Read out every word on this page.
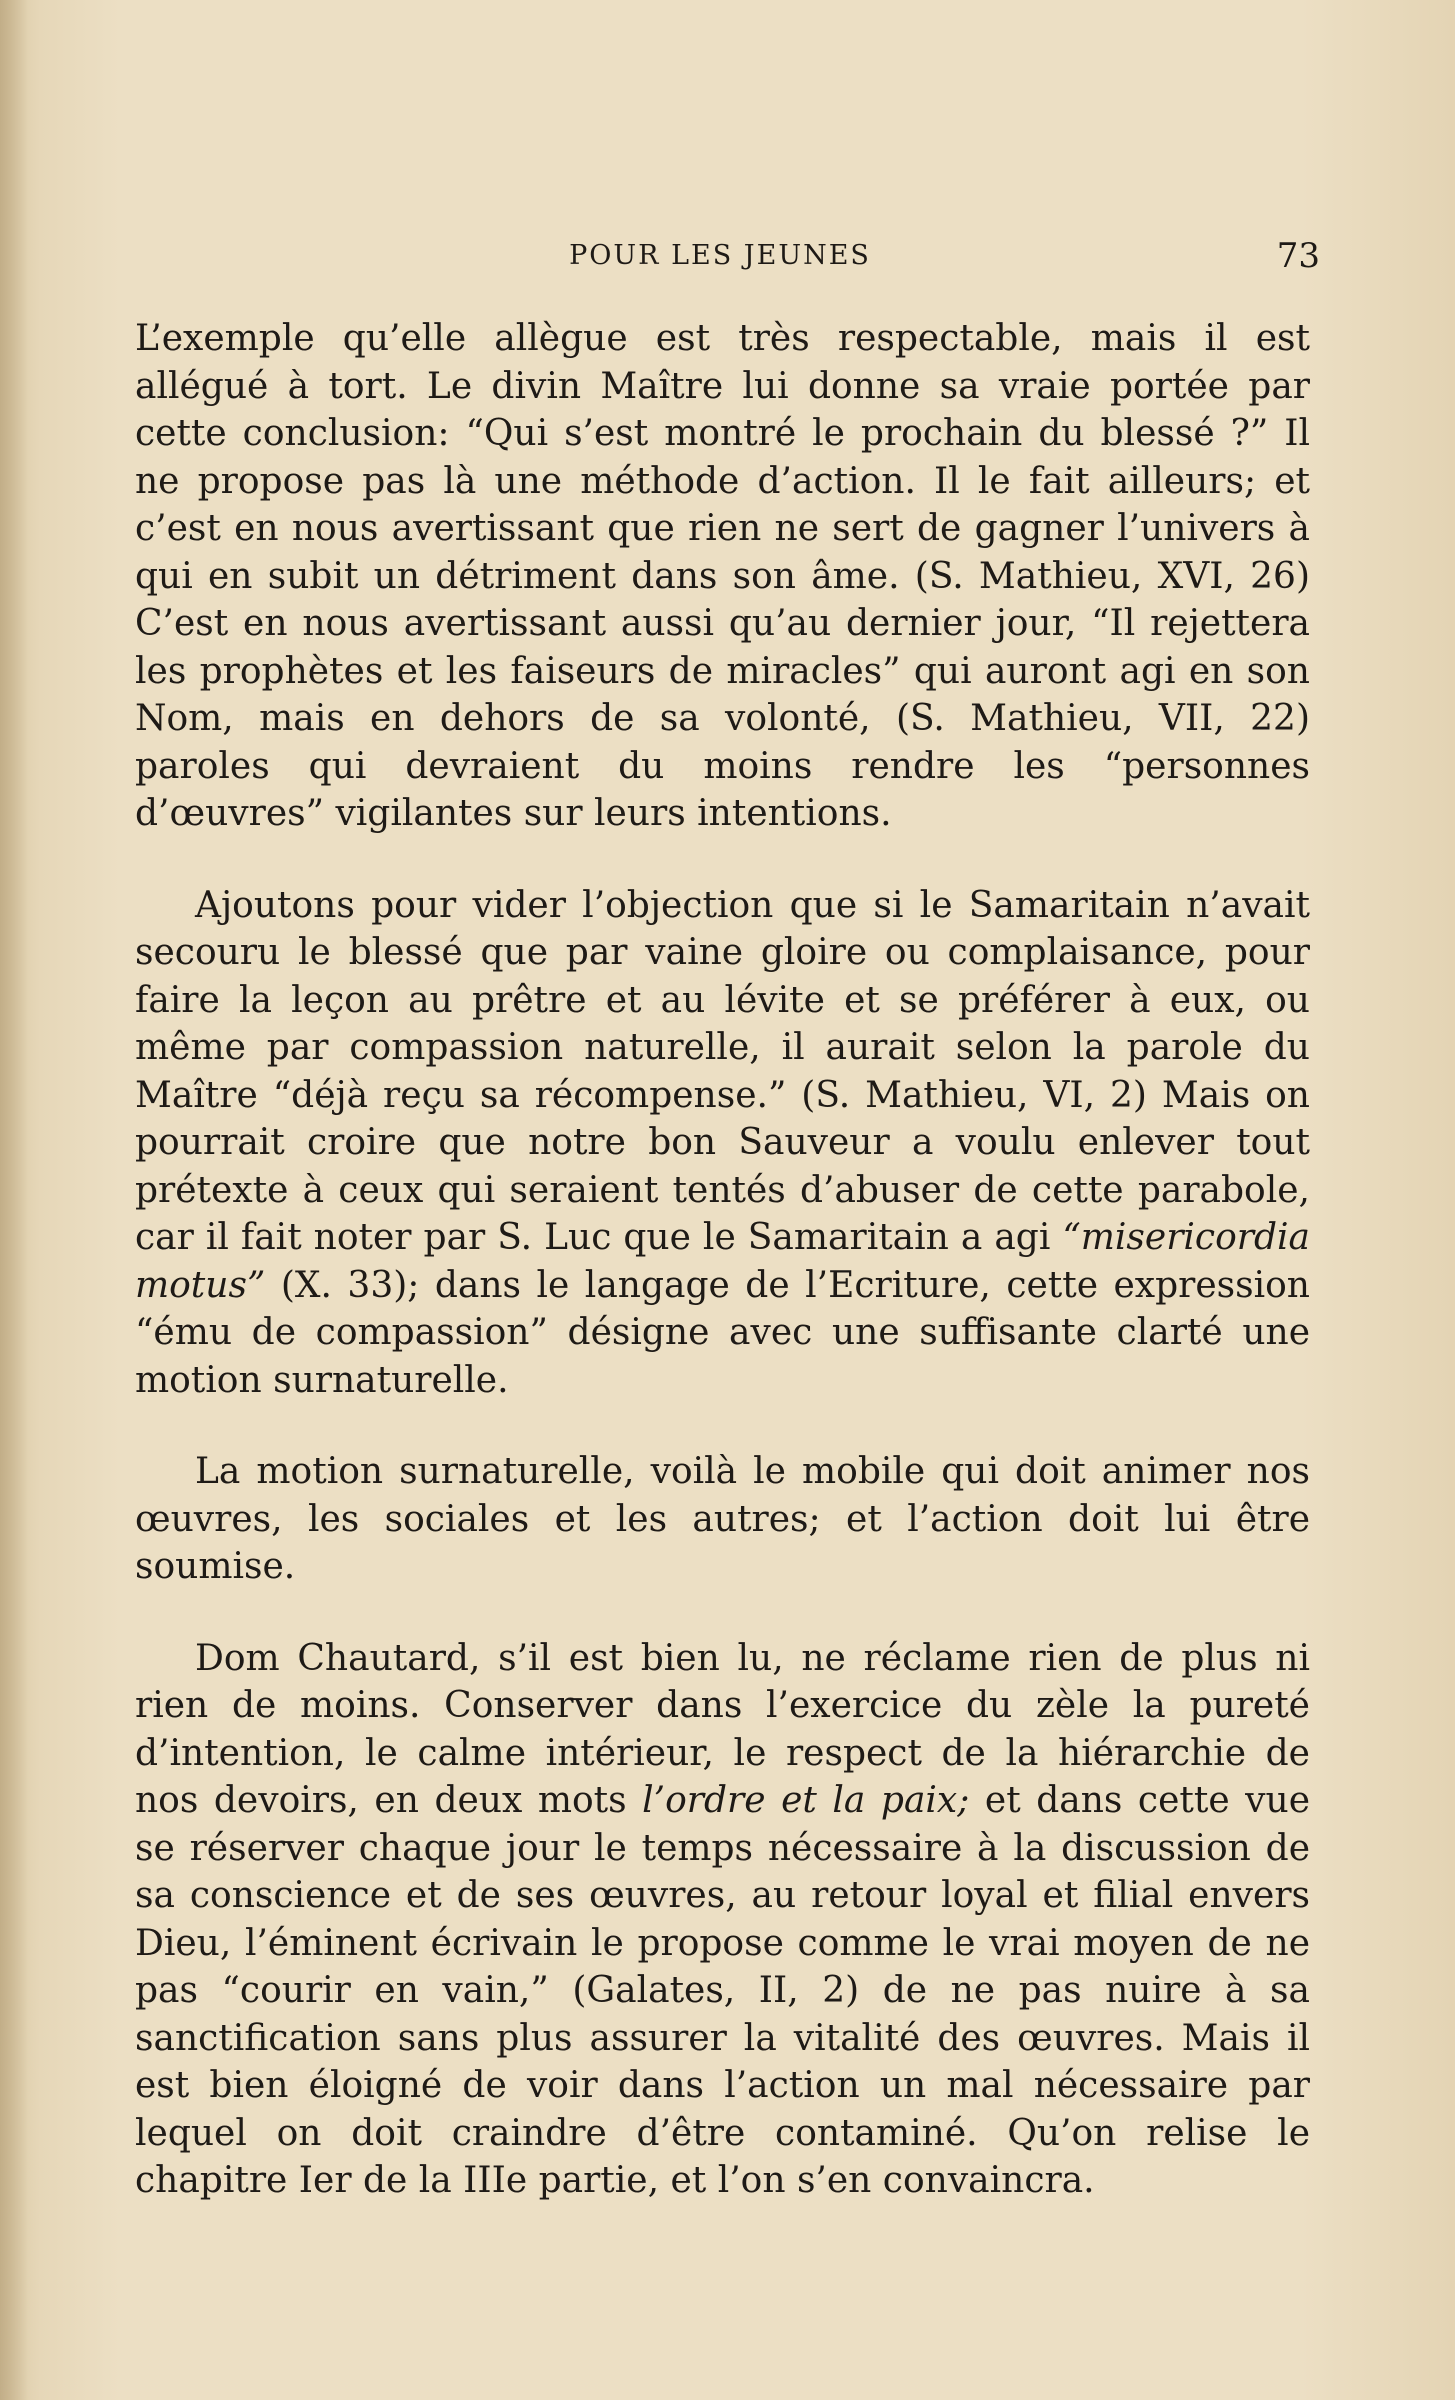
POUR LES JEUNES	73

L’exemple qu’elle allègue est très respectable, mais il est allégué à tort. Le divin Maître lui donne sa vraie portée par cette conclusion: “Qui s’est montré le prochain du blessé ?” Il ne propose pas là une méthode d’action. Il le fait ailleurs; et c’est en nous avertissant que rien ne sert de gagner l’univers à qui en subit un détriment dans son âme. (S. Mathieu, XVI, 26) C’est en nous avertissant aussi qu’au dernier jour, “Il rejettera les prophètes et les faiseurs de miracles” qui auront agi en son Nom, mais en dehors de sa volonté, (S. Mathieu, VII, 22) paroles qui devraient du moins rendre les “personnes d’œuvres” vigilantes sur leurs intentions.

Ajoutons pour vider l’objection que si le Samaritain n’avait secouru le blessé que par vaine gloire ou complaisance, pour faire la leçon au prêtre et au lévite et se préférer à eux, ou même par compassion naturelle, il aurait selon la parole du Maître “déjà reçu sa récompense.” (S. Mathieu, VI, 2) Mais on pourrait croire que notre bon Sauveur a voulu enlever tout prétexte à ceux qui seraient tentés d’abuser de cette parabole, car il fait noter par S. Luc que le Samaritain a agi “misericordia motus” (X. 33); dans le langage de l’Ecriture, cette expression “ému de compassion” désigne avec une suffisante clarté une motion surnaturelle.

La motion surnaturelle, voilà le mobile qui doit animer nos œuvres, les sociales et les autres; et l’action doit lui être soumise.

Dom Chautard, s’il est bien lu, ne réclame rien de plus ni rien de moins. Conserver dans l’exercice du zèle la pureté d’intention, le calme intérieur, le respect de la hiérarchie de nos devoirs, en deux mots l’ordre et la paix; et dans cette vue se réserver chaque jour le temps nécessaire à la discussion de sa conscience et de ses œuvres, au retour loyal et filial envers Dieu, l’éminent écrivain le propose comme le vrai moyen de ne pas “courir en vain,” (Galates, II, 2) de ne pas nuire à sa sanctification sans plus assurer la vitalité des œuvres. Mais il est bien éloigné de voir dans l’action un mal nécessaire par lequel on doit craindre d’être contaminé. Qu’on relise le chapitre Ier de la IIIe partie, et l’on s’en convaincra.
